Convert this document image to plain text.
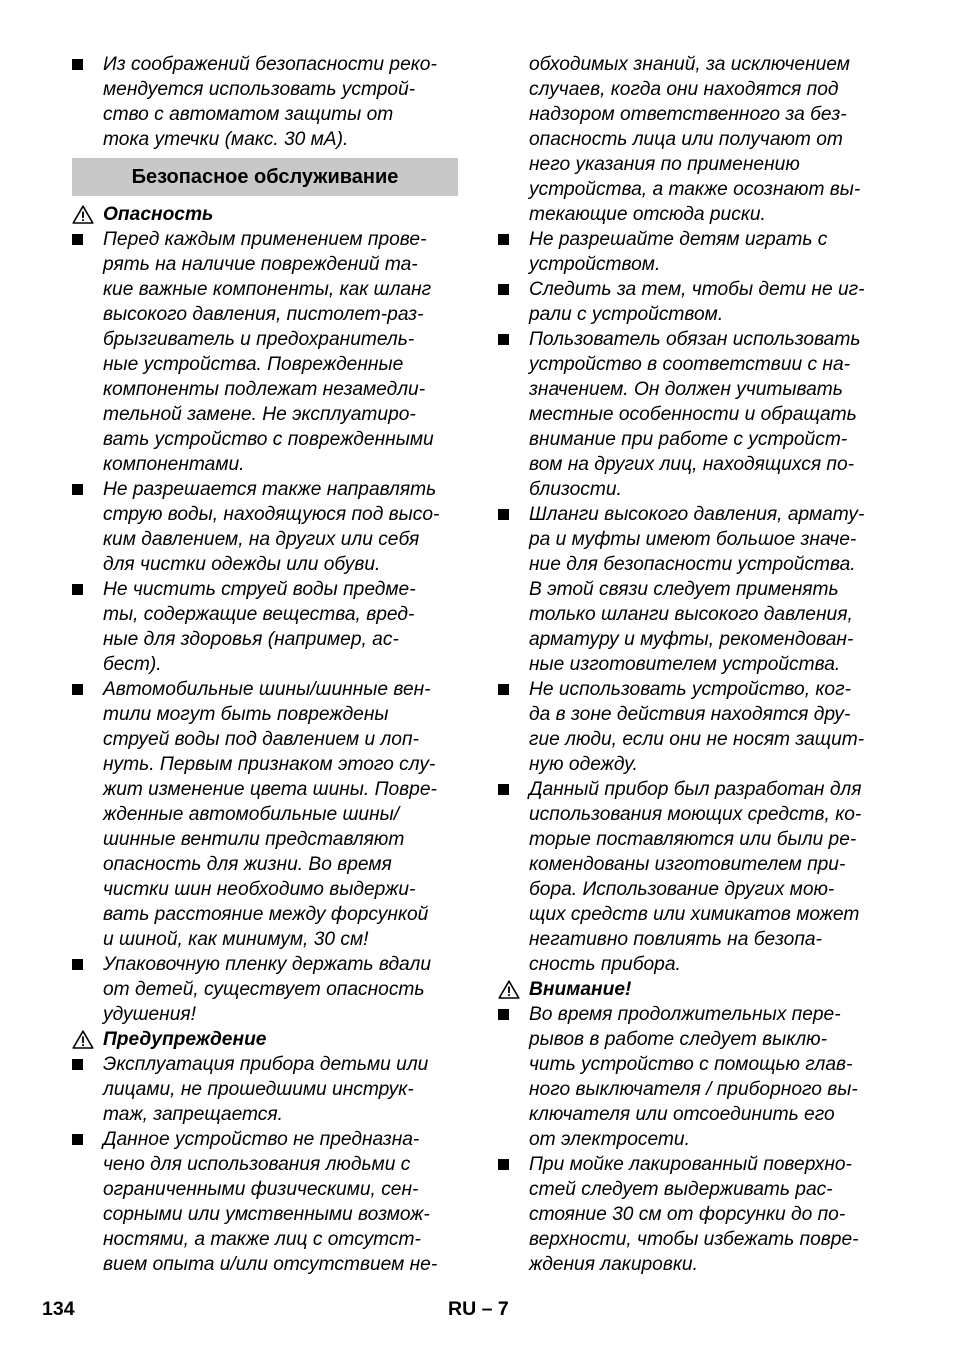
Из соображений безопасности реко-
мендуется использовать устрой-
ство с автоматом защиты от
тока утечки (макс. 30 мА).
Безопасное обслуживание
Опасность
Перед каждым применением прове-
рять на наличие повреждений та-
кие важные компоненты, как шланг
высокого давления, пистолет-раз-
брызгиватель и предохранитель-
ные устройства. Поврежденные
компоненты подлежат незамедли-
тельной замене. Не эксплуатиро-
вать устройство с поврежденными
компонентами.
Не разрешается также направлять
струю воды, находящуюся под высо-
ким давлением, на других или себя
для чистки одежды или обуви.
Не чистить струей воды предме-
ты, содержащие вещества, вред-
ные для здоровья (например, ас-
бест).
Автомобильные шины/шинные вен-
тили могут быть повреждены
струей воды под давлением и лоп-
нуть. Первым признаком этого слу-
жит изменение цвета шины. Повре-
жденные автомобильные шины/
шинные вентили представляют
опасность для жизни. Во время
чистки шин необходимо выдержи-
вать расстояние между форсункой
и шиной, как минимум, 30 см!
Упаковочную пленку держать вдали
от детей, существует опасность
удушения!
Предупреждение
Эксплуатация прибора детьми или
лицами, не прошедшими инструк-
таж, запрещается.
Данное устройство не предназна-
чено для использования людьми с
ограниченными физическими, сен-
сорными или умственными возмож-
ностями, а также лиц с отсутст-
вием опыта и/или отсутствием не-
обходимых знаний, за исключением
случаев, когда они находятся под
надзором ответственного за без-
опасность лица или получают от
него указания по применению
устройства, а также осознают вы-
текающие отсюда риски.
Не разрешайте детям играть с
устройством.
Следить за тем, чтобы дети не иг-
рали с устройством.
Пользователь обязан использовать
устройство в соответствии с на-
значением. Он должен учитывать
местные особенности и обращать
внимание при работе с устройст-
вом на других лиц, находящихся по-
близости.
Шланги высокого давления, армату-
ра и муфты имеют большое значе-
ние для безопасности устройства.
В этой связи следует применять
только шланги высокого давления,
арматуру и муфты, рекомендован-
ные изготовителем устройства.
Не использовать устройство, ког-
да в зоне действия находятся дру-
гие люди, если они не носят защит-
ную одежду.
Данный прибор был разработан для
использования моющих средств, ко-
торые поставляются или были ре-
комендованы изготовителем при-
бора. Использование других мою-
щих средств или химикатов может
негативно повлиять на безопа-
сность прибора.
Внимание!
Во время продолжительных пере-
рывов в работе следует выклю-
чить устройство с помощью глав-
ного выключателя / приборного вы-
ключателя или отсоединить его
от электросети.
При мойке лакированный поверхно-
стей следует выдерживать рас-
стояние 30 см от форсунки до по-
верхности, чтобы избежать повре-
ждения лакировки.
134	RU – 7
